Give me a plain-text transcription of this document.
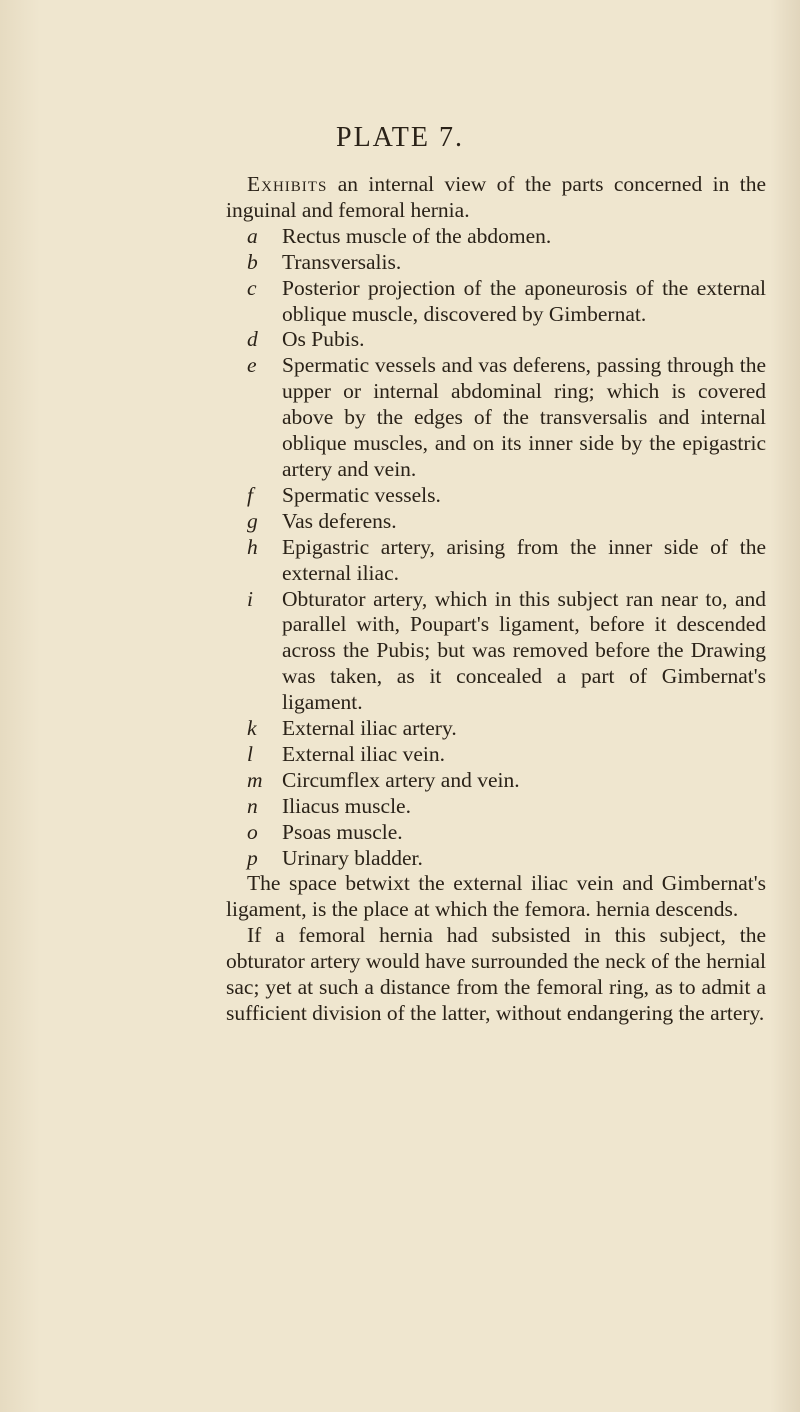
PLATE 7.

Exhibits an internal view of the parts concerned in the inguinal and femoral hernia.

a	Rectus muscle of the abdomen.
b	Transversalis.
c	Posterior projection of the aponeurosis of the external oblique muscle, discovered by Gimbernat.
d	Os Pubis.
e	Spermatic vessels and vas deferens, passing through the upper or internal abdominal ring; which is covered above by the edges of the transversalis and internal oblique muscles, and on its inner side by the epigastric artery and vein.
f	Spermatic vessels.
g	Vas deferens.
h	Epigastric artery, arising from the inner side of the external iliac.
i	Obturator artery, which in this subject ran near to, and parallel with, Poupart's ligament, before it descended across the Pubis; but was removed before the Drawing was taken, as it concealed a part of Gimbernat's ligament.
k	External iliac artery.
l	External iliac vein.
m Circumflex artery and vein.
n	Iliacus muscle.
o	Psoas muscle.
p	Urinary bladder.

The space betwixt the external iliac vein and Gimbernat's ligament, is the place at which the femora. hernia descends.

If a femoral hernia had subsisted in this subject, the obturator artery would have surrounded the neck of the hernial sac; yet at such a distance from the femoral ring, as to admit a sufficient division of the latter, without endangering the artery.
